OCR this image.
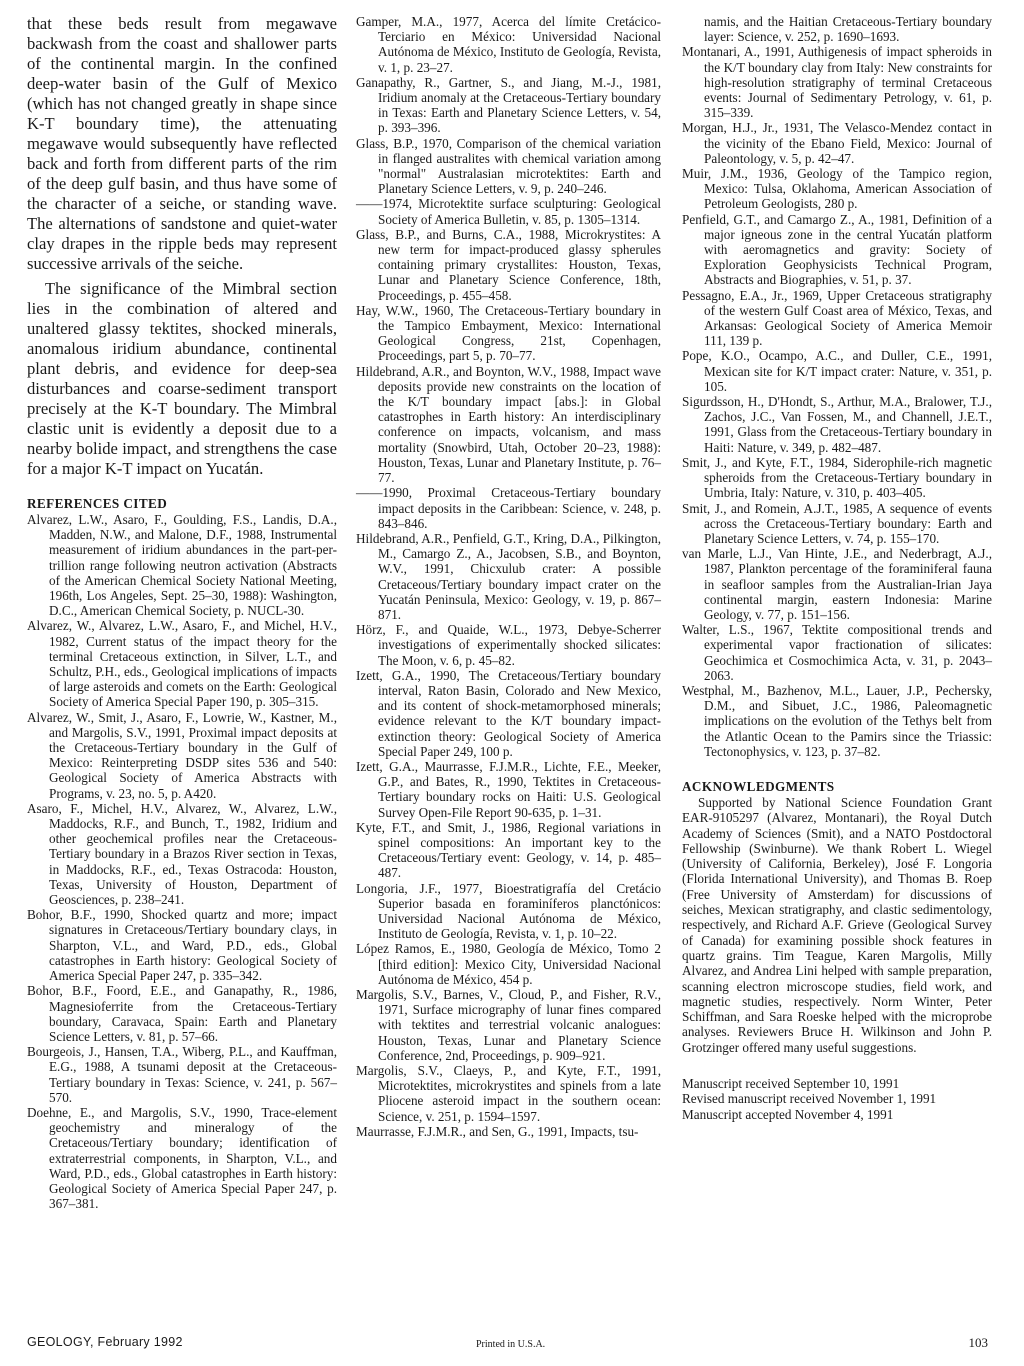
that these beds result from megawave backwash from the coast and shallower parts of the continental margin. In the confined deep-water basin of the Gulf of Mexico (which has not changed greatly in shape since K-T boundary time), the attenuating megawave would subsequently have reflected back and forth from different parts of the rim of the deep gulf basin, and thus have some of the character of a seiche, or standing wave. The alternations of sandstone and quiet-water clay drapes in the ripple beds may represent successive arrivals of the seiche.

The significance of the Mimbral section lies in the combination of altered and unaltered glassy tektites, shocked minerals, anomalous iridium abundance, continental plant debris, and evidence for deep-sea disturbances and coarse-sediment transport precisely at the K-T boundary. The Mimbral clastic unit is evidently a deposit due to a nearby bolide impact, and strengthens the case for a major K-T impact on Yucatán.

REFERENCES CITED

Alvarez, L.W., Asaro, F., Goulding, F.S., Landis, D.A., Madden, N.W., and Malone, D.F., 1988, Instrumental measurement of iridium abundances in the part-per-trillion range following neutron activation (Abstracts of the American Chemical Society National Meeting, 196th, Los Angeles, Sept. 25–30, 1988): Washington, D.C., American Chemical Society, p. NUCL-30.

Alvarez, W., Alvarez, L.W., Asaro, F., and Michel, H.V., 1982, Current status of the impact theory for the terminal Cretaceous extinction, in Silver, L.T., and Schultz, P.H., eds., Geological implications of impacts of large asteroids and comets on the Earth: Geological Society of America Special Paper 190, p. 305–315.

Alvarez, W., Smit, J., Asaro, F., Lowrie, W., Kastner, M., and Margolis, S.V., 1991, Proximal impact deposits at the Cretaceous-Tertiary boundary in the Gulf of Mexico: Reinterpreting DSDP sites 536 and 540: Geological Society of America Abstracts with Programs, v. 23, no. 5, p. A420.

Asaro, F., Michel, H.V., Alvarez, W., Alvarez, L.W., Maddocks, R.F., and Bunch, T., 1982, Iridium and other geochemical profiles near the Cretaceous-Tertiary boundary in a Brazos River section in Texas, in Maddocks, R.F., ed., Texas Ostracoda: Houston, Texas, University of Houston, Department of Geosciences, p. 238–241.

Bohor, B.F., 1990, Shocked quartz and more; impact signatures in Cretaceous/Tertiary boundary clays, in Sharpton, V.L., and Ward, P.D., eds., Global catastrophes in Earth history: Geological Society of America Special Paper 247, p. 335–342.

Bohor, B.F., Foord, E.E., and Ganapathy, R., 1986, Magnesioferrite from the Cretaceous-Tertiary boundary, Caravaca, Spain: Earth and Planetary Science Letters, v. 81, p. 57–66.

Bourgeois, J., Hansen, T.A., Wiberg, P.L., and Kauffman, E.G., 1988, A tsunami deposit at the Cretaceous-Tertiary boundary in Texas: Science, v. 241, p. 567–570.

Doehne, E., and Margolis, S.V., 1990, Trace-element geochemistry and mineralogy of the Cretaceous/Tertiary boundary; identification of extraterrestrial components, in Sharpton, V.L., and Ward, P.D., eds., Global catastrophes in Earth history: Geological Society of America Special Paper 247, p. 367–381.

Gamper, M.A., 1977, Acerca del límite Cretácico-Terciario en México: Universidad Nacional Autónoma de México, Instituto de Geología, Revista, v. 1, p. 23–27.

Ganapathy, R., Gartner, S., and Jiang, M.-J., 1981, Iridium anomaly at the Cretaceous-Tertiary boundary in Texas: Earth and Planetary Science Letters, v. 54, p. 393–396.

Glass, B.P., 1970, Comparison of the chemical variation in flanged australites with chemical variation among "normal" Australasian microtektites: Earth and Planetary Science Letters, v. 9, p. 240–246.

——1974, Microtektite surface sculpturing: Geological Society of America Bulletin, v. 85, p. 1305–1314.

Glass, B.P., and Burns, C.A., 1988, Microkrystites: A new term for impact-produced glassy spherules containing primary crystallites: Houston, Texas, Lunar and Planetary Science Conference, 18th, Proceedings, p. 455–458.

Hay, W.W., 1960, The Cretaceous-Tertiary boundary in the Tampico Embayment, Mexico: International Geological Congress, 21st, Copenhagen, Proceedings, part 5, p. 70–77.

Hildebrand, A.R., and Boynton, W.V., 1988, Impact wave deposits provide new constraints on the location of the K/T boundary impact [abs.]: in Global catastrophes in Earth history: An interdisciplinary conference on impacts, volcanism, and mass mortality (Snowbird, Utah, October 20–23, 1988): Houston, Texas, Lunar and Planetary Institute, p. 76–77.

——1990, Proximal Cretaceous-Tertiary boundary impact deposits in the Caribbean: Science, v. 248, p. 843–846.

Hildebrand, A.R., Penfield, G.T., Kring, D.A., Pilkington, M., Camargo Z., A., Jacobsen, S.B., and Boynton, W.V., 1991, Chicxulub crater: A possible Cretaceous/Tertiary boundary impact crater on the Yucatán Peninsula, Mexico: Geology, v. 19, p. 867–871.

Hörz, F., and Quaide, W.L., 1973, Debye-Scherrer investigations of experimentally shocked silicates: The Moon, v. 6, p. 45–82.

Izett, G.A., 1990, The Cretaceous/Tertiary boundary interval, Raton Basin, Colorado and New Mexico, and its content of shock-metamorphosed minerals; evidence relevant to the K/T boundary impact-extinction theory: Geological Society of America Special Paper 249, 100 p.

Izett, G.A., Maurrasse, F.J.M.R., Lichte, F.E., Meeker, G.P., and Bates, R., 1990, Tektites in Cretaceous-Tertiary boundary rocks on Haiti: U.S. Geological Survey Open-File Report 90-635, p. 1–31.

Kyte, F.T., and Smit, J., 1986, Regional variations in spinel compositions: An important key to the Cretaceous/Tertiary event: Geology, v. 14, p. 485–487.

Longoria, J.F., 1977, Bioestratigrafía del Cretácio Superior basada en foraminíferos planctónicos: Universidad Nacional Autónoma de México, Instituto de Geología, Revista, v. 1, p. 10–22.

López Ramos, E., 1980, Geología de México, Tomo 2 [third edition]: Mexico City, Universidad Nacional Autónoma de México, 454 p.

Margolis, S.V., Barnes, V., Cloud, P., and Fisher, R.V., 1971, Surface micrography of lunar fines compared with tektites and terrestrial volcanic analogues: Houston, Texas, Lunar and Planetary Science Conference, 2nd, Proceedings, p. 909–921.

Margolis, S.V., Claeys, P., and Kyte, F.T., 1991, Microtektites, microkrystites and spinels from a late Pliocene asteroid impact in the southern ocean: Science, v. 251, p. 1594–1597.

Maurrasse, F.J.M.R., and Sen, G., 1991, Impacts, tsu-

namis, and the Haitian Cretaceous-Tertiary boundary layer: Science, v. 252, p. 1690–1693.

Montanari, A., 1991, Authigenesis of impact spheroids in the K/T boundary clay from Italy: New constraints for high-resolution stratigraphy of terminal Cretaceous events: Journal of Sedimentary Petrology, v. 61, p. 315–339.

Morgan, H.J., Jr., 1931, The Velasco-Mendez contact in the vicinity of the Ebano Field, Mexico: Journal of Paleontology, v. 5, p. 42–47.

Muir, J.M., 1936, Geology of the Tampico region, Mexico: Tulsa, Oklahoma, American Association of Petroleum Geologists, 280 p.

Penfield, G.T., and Camargo Z., A., 1981, Definition of a major igneous zone in the central Yucatán platform with aeromagnetics and gravity: Society of Exploration Geophysicists Technical Program, Abstracts and Biographies, v. 51, p. 37.

Pessagno, E.A., Jr., 1969, Upper Cretaceous stratigraphy of the western Gulf Coast area of México, Texas, and Arkansas: Geological Society of America Memoir 111, 139 p.

Pope, K.O., Ocampo, A.C., and Duller, C.E., 1991, Mexican site for K/T impact crater: Nature, v. 351, p. 105.

Sigurdsson, H., D'Hondt, S., Arthur, M.A., Bralower, T.J., Zachos, J.C., Van Fossen, M., and Channell, J.E.T., 1991, Glass from the Cretaceous-Tertiary boundary in Haiti: Nature, v. 349, p. 482–487.

Smit, J., and Kyte, F.T., 1984, Siderophile-rich magnetic spheroids from the Cretaceous-Tertiary boundary in Umbria, Italy: Nature, v. 310, p. 403–405.

Smit, J., and Romein, A.J.T., 1985, A sequence of events across the Cretaceous-Tertiary boundary: Earth and Planetary Science Letters, v. 74, p. 155–170.

van Marle, L.J., Van Hinte, J.E., and Nederbragt, A.J., 1987, Plankton percentage of the foraminiferal fauna in seafloor samples from the Australian-Irian Jaya continental margin, eastern Indonesia: Marine Geology, v. 77, p. 151–156.

Walter, L.S., 1967, Tektite compositional trends and experimental vapor fractionation of silicates: Geochimica et Cosmochimica Acta, v. 31, p. 2043–2063.

Westphal, M., Bazhenov, M.L., Lauer, J.P., Pechersky, D.M., and Sibuet, J.C., 1986, Paleomagnetic implications on the evolution of the Tethys belt from the Atlantic Ocean to the Pamirs since the Triassic: Tectonophysics, v. 123, p. 37–82.

ACKNOWLEDGMENTS

Supported by National Science Foundation Grant EAR-9105297 (Alvarez, Montanari), the Royal Dutch Academy of Sciences (Smit), and a NATO Postdoctoral Fellowship (Swinburne). We thank Robert L. Wiegel (University of California, Berkeley), José F. Longoria (Florida International University), and Thomas B. Roep (Free University of Amsterdam) for discussions of seiches, Mexican stratigraphy, and clastic sedimentology, respectively, and Richard A.F. Grieve (Geological Survey of Canada) for examining possible shock features in quartz grains. Tim Teague, Karen Margolis, Milly Alvarez, and Andrea Lini helped with sample preparation, scanning electron microscope studies, field work, and magnetic studies, respectively. Norm Winter, Peter Schiffman, and Sara Roeske helped with the microprobe analyses. Reviewers Bruce H. Wilkinson and John P. Grotzinger offered many useful suggestions.

Manuscript received September 10, 1991

Revised manuscript received November 1, 1991

Manuscript accepted November 4, 1991

GEOLOGY, February 1992	Printed in U.S.A.	103
